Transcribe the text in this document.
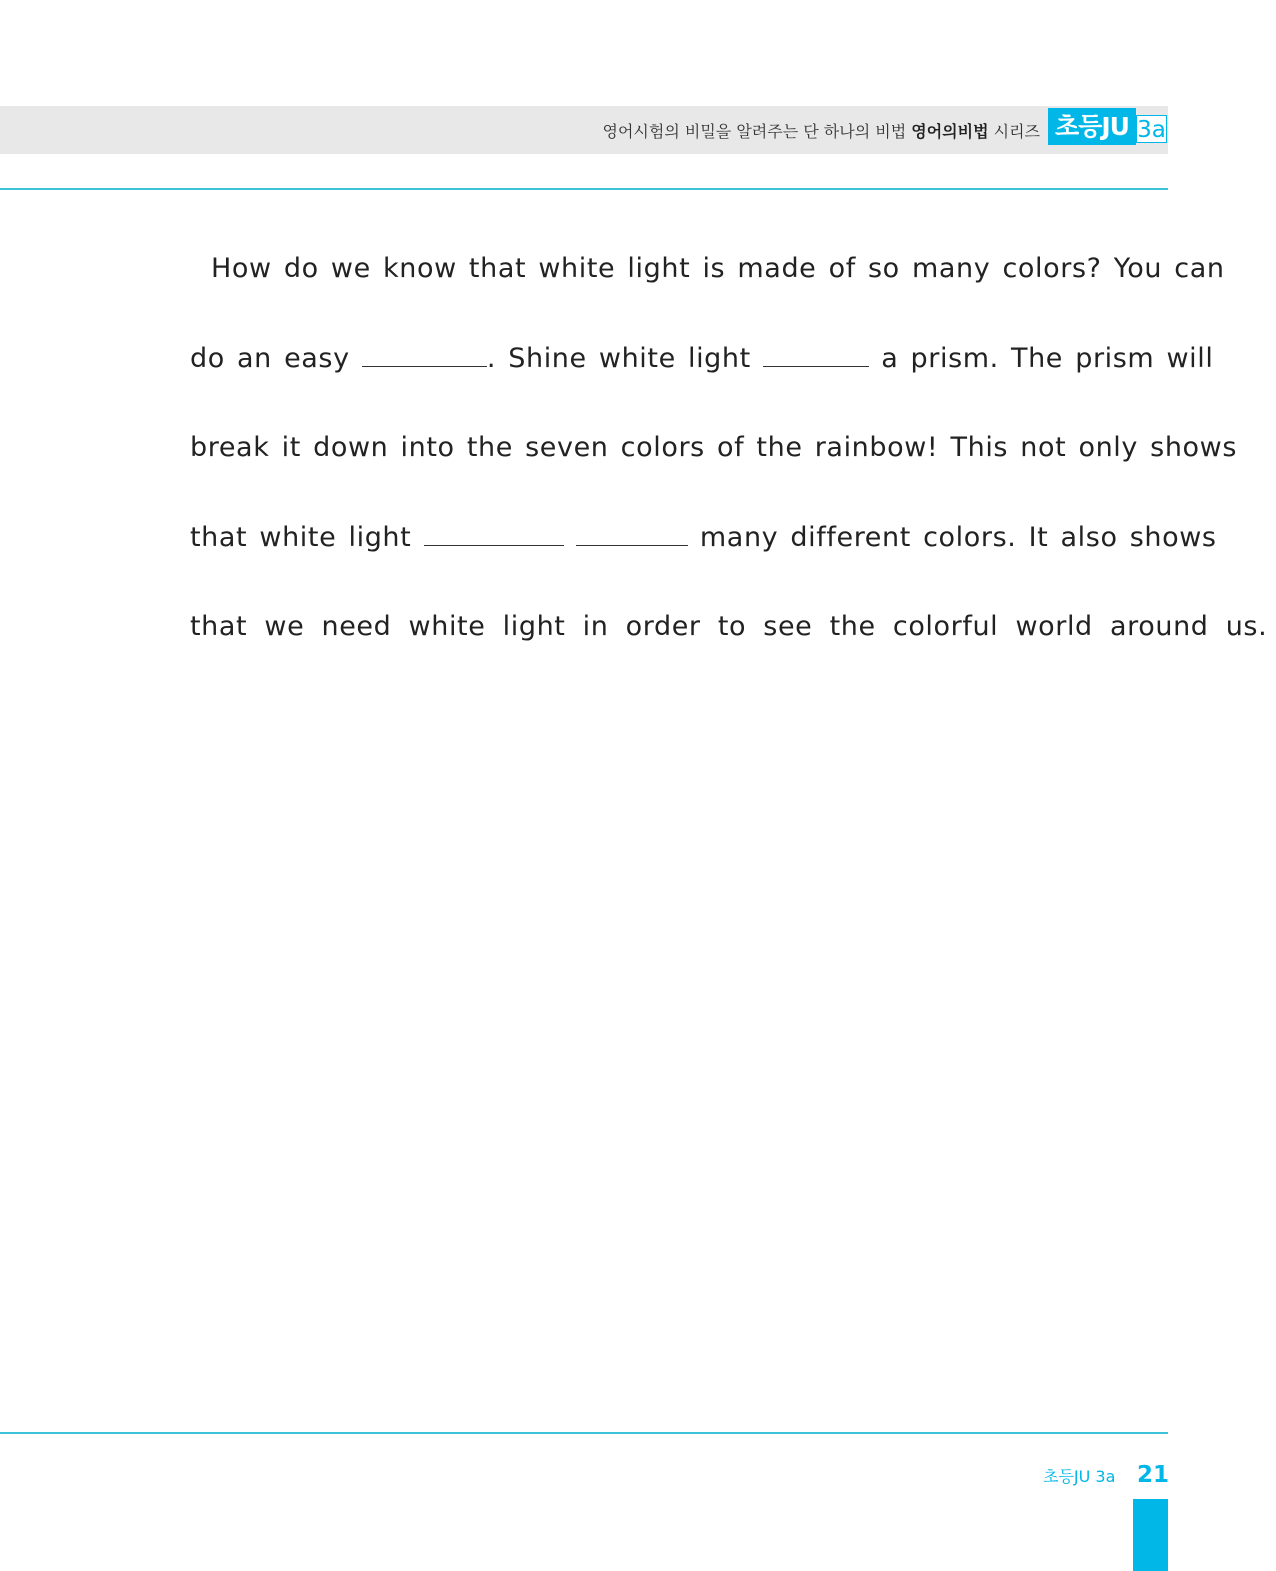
영어시험의 비밀을 알려주는 단 하나의 비법 영어의비법 시리즈 초등JU 3a
How do we know that white light is made of so many colors? You can
do an easy	. Shine white light	a prism. The prism will
break it down into the seven colors of the rainbow! This not only shows
that white light	many different colors. It also shows
that we need white light in order to see the colorful world around us.
초등JU 3a 21
